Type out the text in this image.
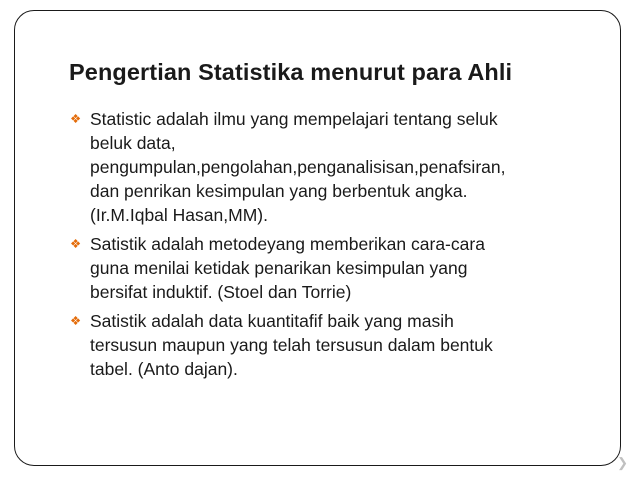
Pengertian Statistika menurut para Ahli
❖ Statistic adalah ilmu yang mempelajari tentang seluk
beluk data,
pengumpulan,pengolahan,penganalisisan,penafsiran,
dan penrikan kesimpulan yang berbentuk angka.
(Ir.M.Iqbal Hasan,MM).
❖ Satistik adalah metodeyang memberikan cara-cara
guna menilai ketidak penarikan kesimpulan yang
bersifat induktif. (Stoel dan Torrie)
❖ Satistik adalah data kuantitafif baik yang masih
tersusun maupun yang telah tersusun dalam bentuk
tabel. (Anto dajan).
❯
